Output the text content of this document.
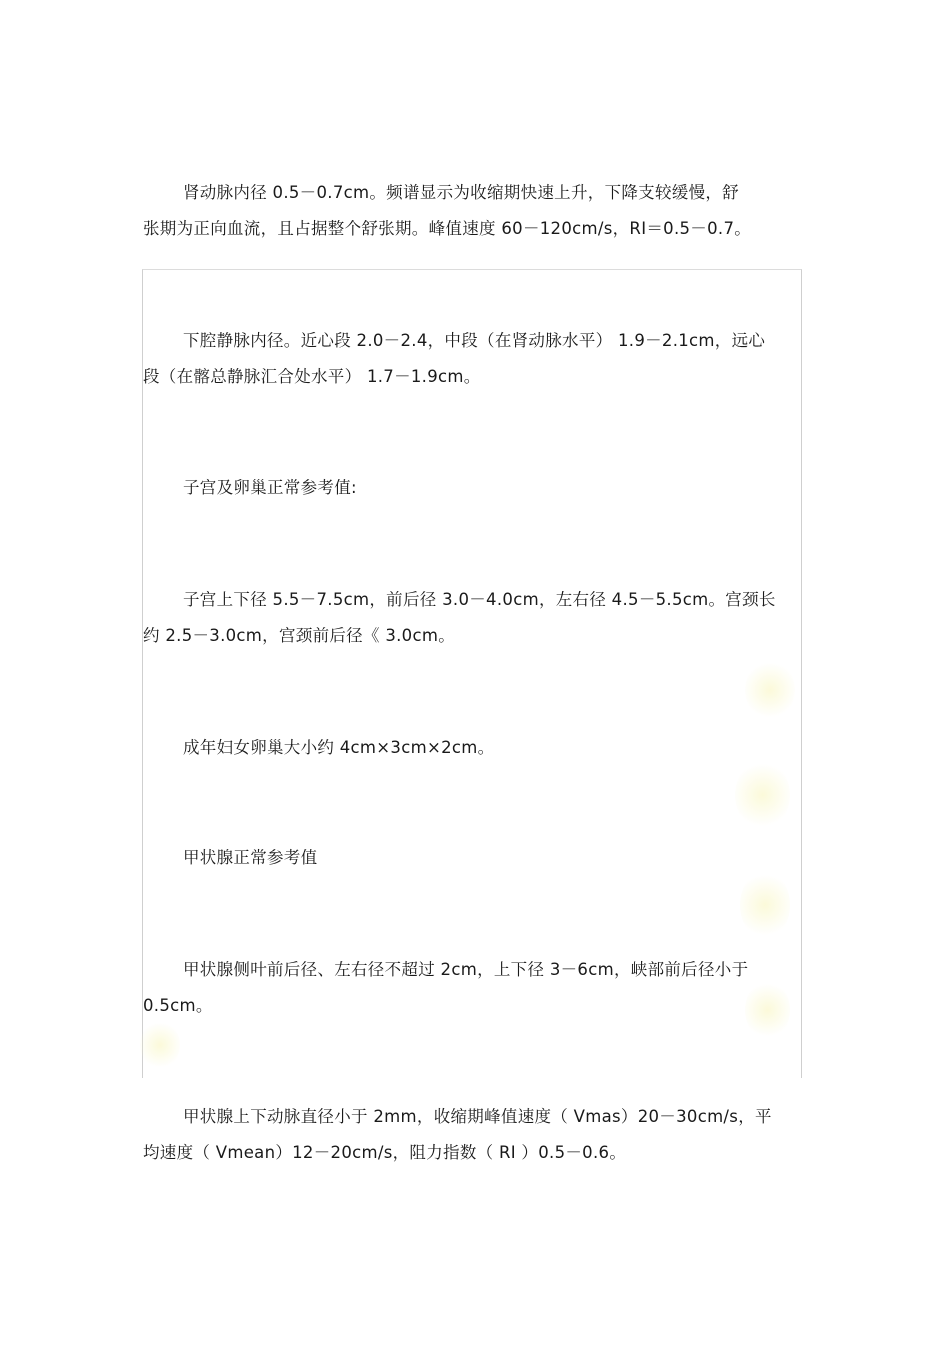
肾动脉内径 0.5－0.7cm。频谱显示为收缩期快速上升，下降支较缓慢，舒
张期为正向血流，且占据整个舒张期。峰值速度 60－120cm/s，RI＝0.5－0.7。
下腔静脉内径。近心段 2.0－2.4，中段（在肾动脉水平） 1.9－2.1cm，远心
段（在髂总静脉汇合处水平） 1.7－1.9cm。
子宫及卵巢正常参考值:
子宫上下径 5.5－7.5cm，前后径 3.0－4.0cm，左右径 4.5－5.5cm。宫颈长
约 2.5－3.0cm，宫颈前后径《 3.0cm。
成年妇女卵巢大小约 4cm×3cm×2cm。
甲状腺正常参考值
甲状腺侧叶前后径、左右径不超过 2cm，上下径 3－6cm，峡部前后径小于
0.5cm。
甲状腺上下动脉直径小于 2mm，收缩期峰值速度（ Vmas）20－30cm/s，平
均速度（ Vmean）12－20cm/s，阻力指数（ RI ）0.5－0.6。
